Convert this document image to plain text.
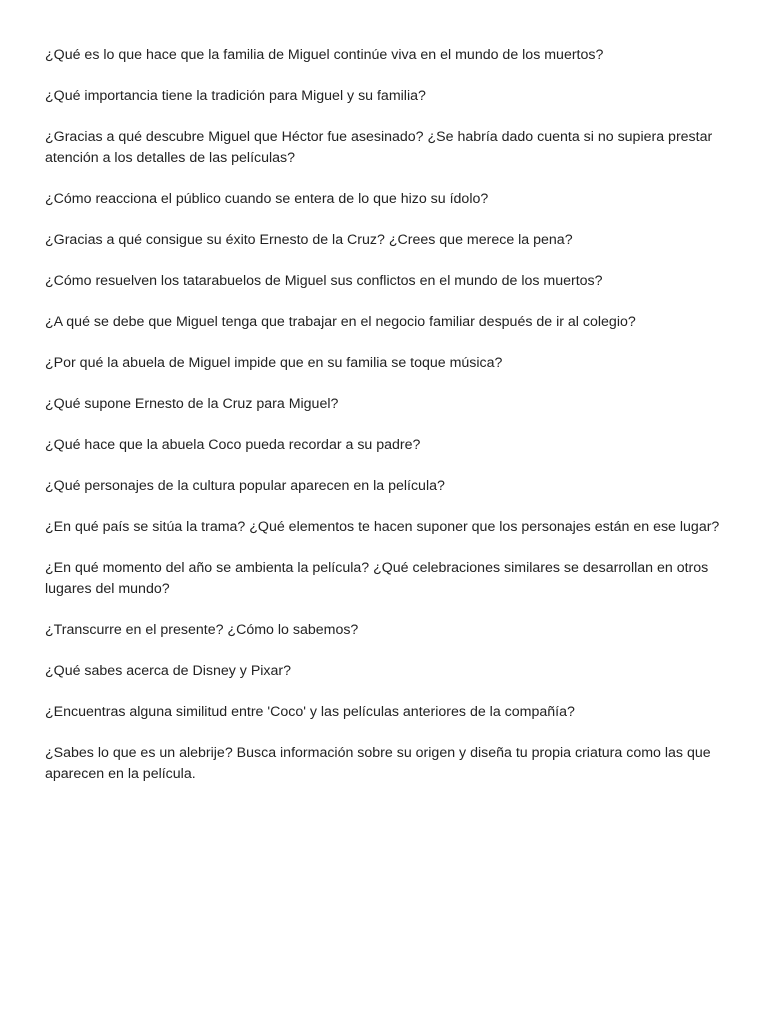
¿Qué es lo que hace que la familia de Miguel continúe viva en el mundo de los muertos?

¿Qué importancia tiene la tradición para Miguel y su familia?

¿Gracias a qué descubre Miguel que Héctor fue asesinado? ¿Se habría dado cuenta si no supiera prestar atención a los detalles de las películas?

¿Cómo reacciona el público cuando se entera de lo que hizo su ídolo?

¿Gracias a qué consigue su éxito Ernesto de la Cruz? ¿Crees que merece la pena?

¿Cómo resuelven los tatarabuelos de Miguel sus conflictos en el mundo de los muertos?

¿A qué se debe que Miguel tenga que trabajar en el negocio familiar después de ir al colegio?

¿Por qué la abuela de Miguel impide que en su familia se toque música?

¿Qué supone Ernesto de la Cruz para Miguel?

¿Qué hace que la abuela Coco pueda recordar a su padre?

¿Qué personajes de la cultura popular aparecen en la película?

¿En qué país se sitúa la trama? ¿Qué elementos te hacen suponer que los personajes están en ese lugar?

¿En qué momento del año se ambienta la película? ¿Qué celebraciones similares se desarrollan en otros lugares del mundo?

¿Transcurre en el presente? ¿Cómo lo sabemos?

¿Qué sabes acerca de Disney y Pixar?

¿Encuentras alguna similitud entre 'Coco' y las películas anteriores de la compañía?

¿Sabes lo que es un alebrije? Busca información sobre su origen y diseña tu propia criatura como las que aparecen en la película.
